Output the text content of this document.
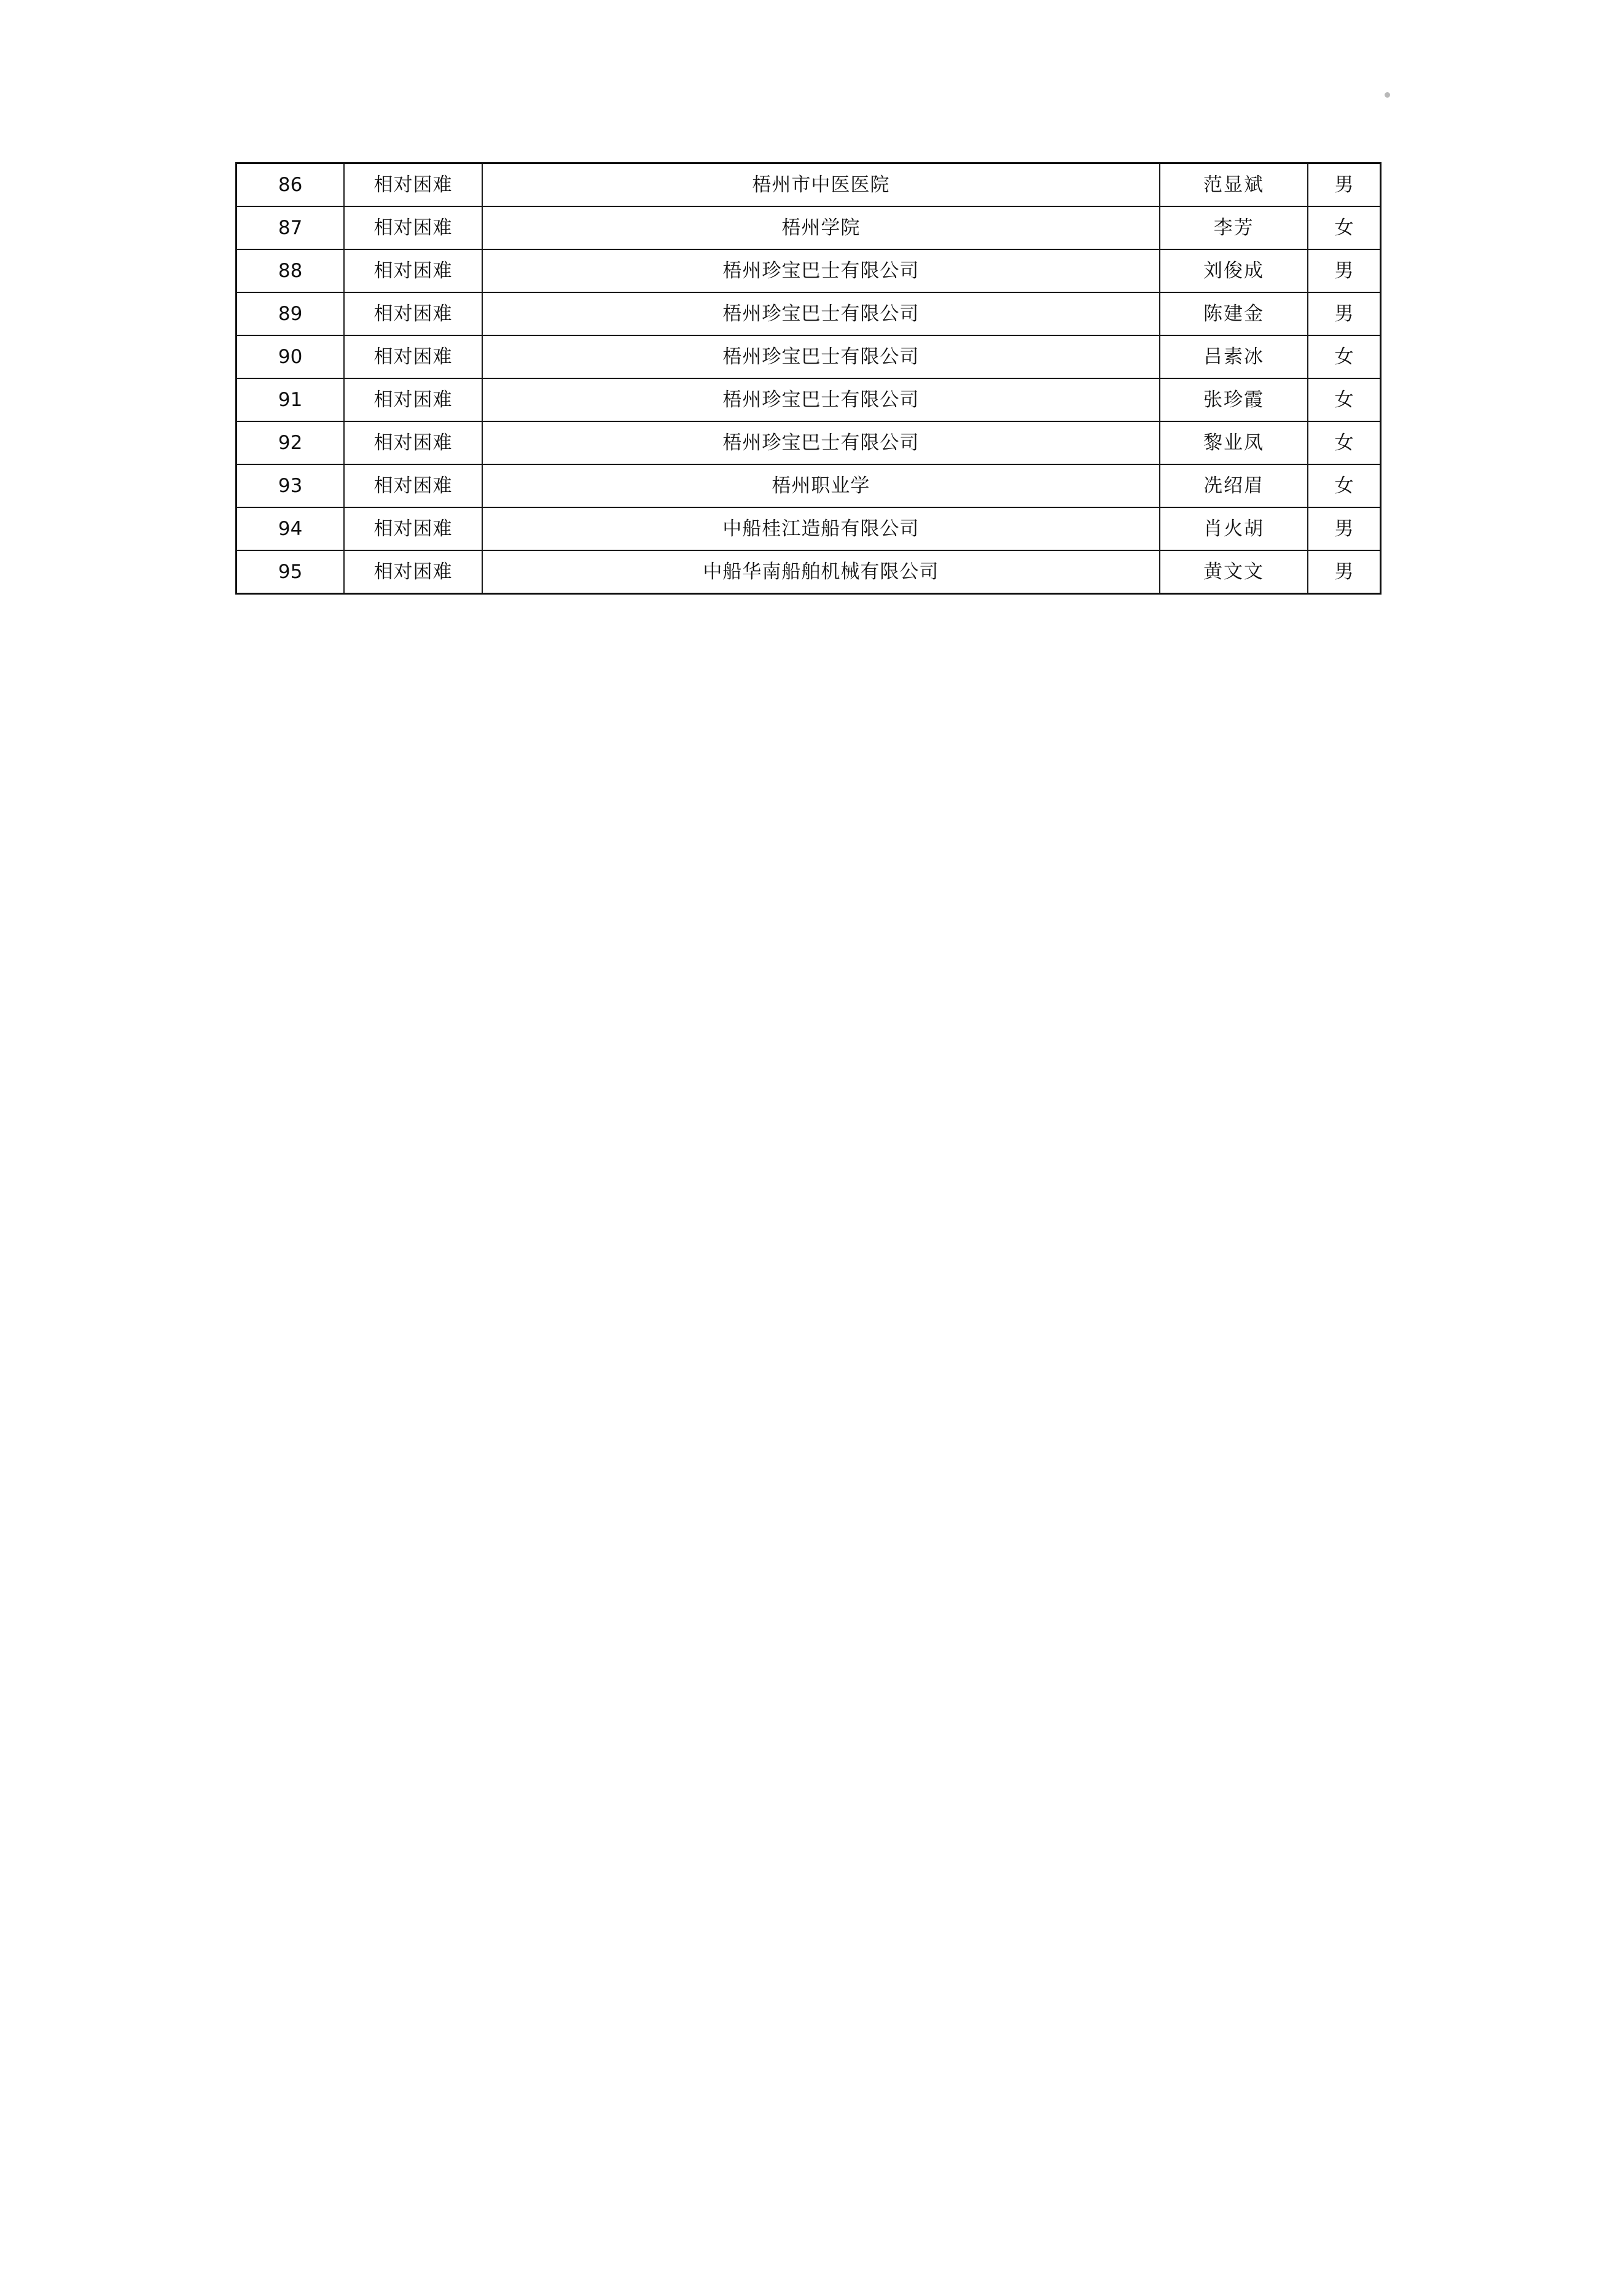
86	相对困难	梧州市中医医院	范显斌	男
87	相对困难	梧州学院	李芳	女
88	相对困难	梧州珍宝巴士有限公司	刘俊成	男
89	相对困难	梧州珍宝巴士有限公司	陈建金	男
90	相对困难	梧州珍宝巴士有限公司	吕素冰	女
91	相对困难	梧州珍宝巴士有限公司	张珍霞	女
92	相对困难	梧州珍宝巴士有限公司	黎业凤	女
93	相对困难	梧州职业学	冼绍眉	女
94	相对困难	中船桂江造船有限公司	肖火胡	男
95	相对困难	中船华南船舶机械有限公司	黄文文	男
